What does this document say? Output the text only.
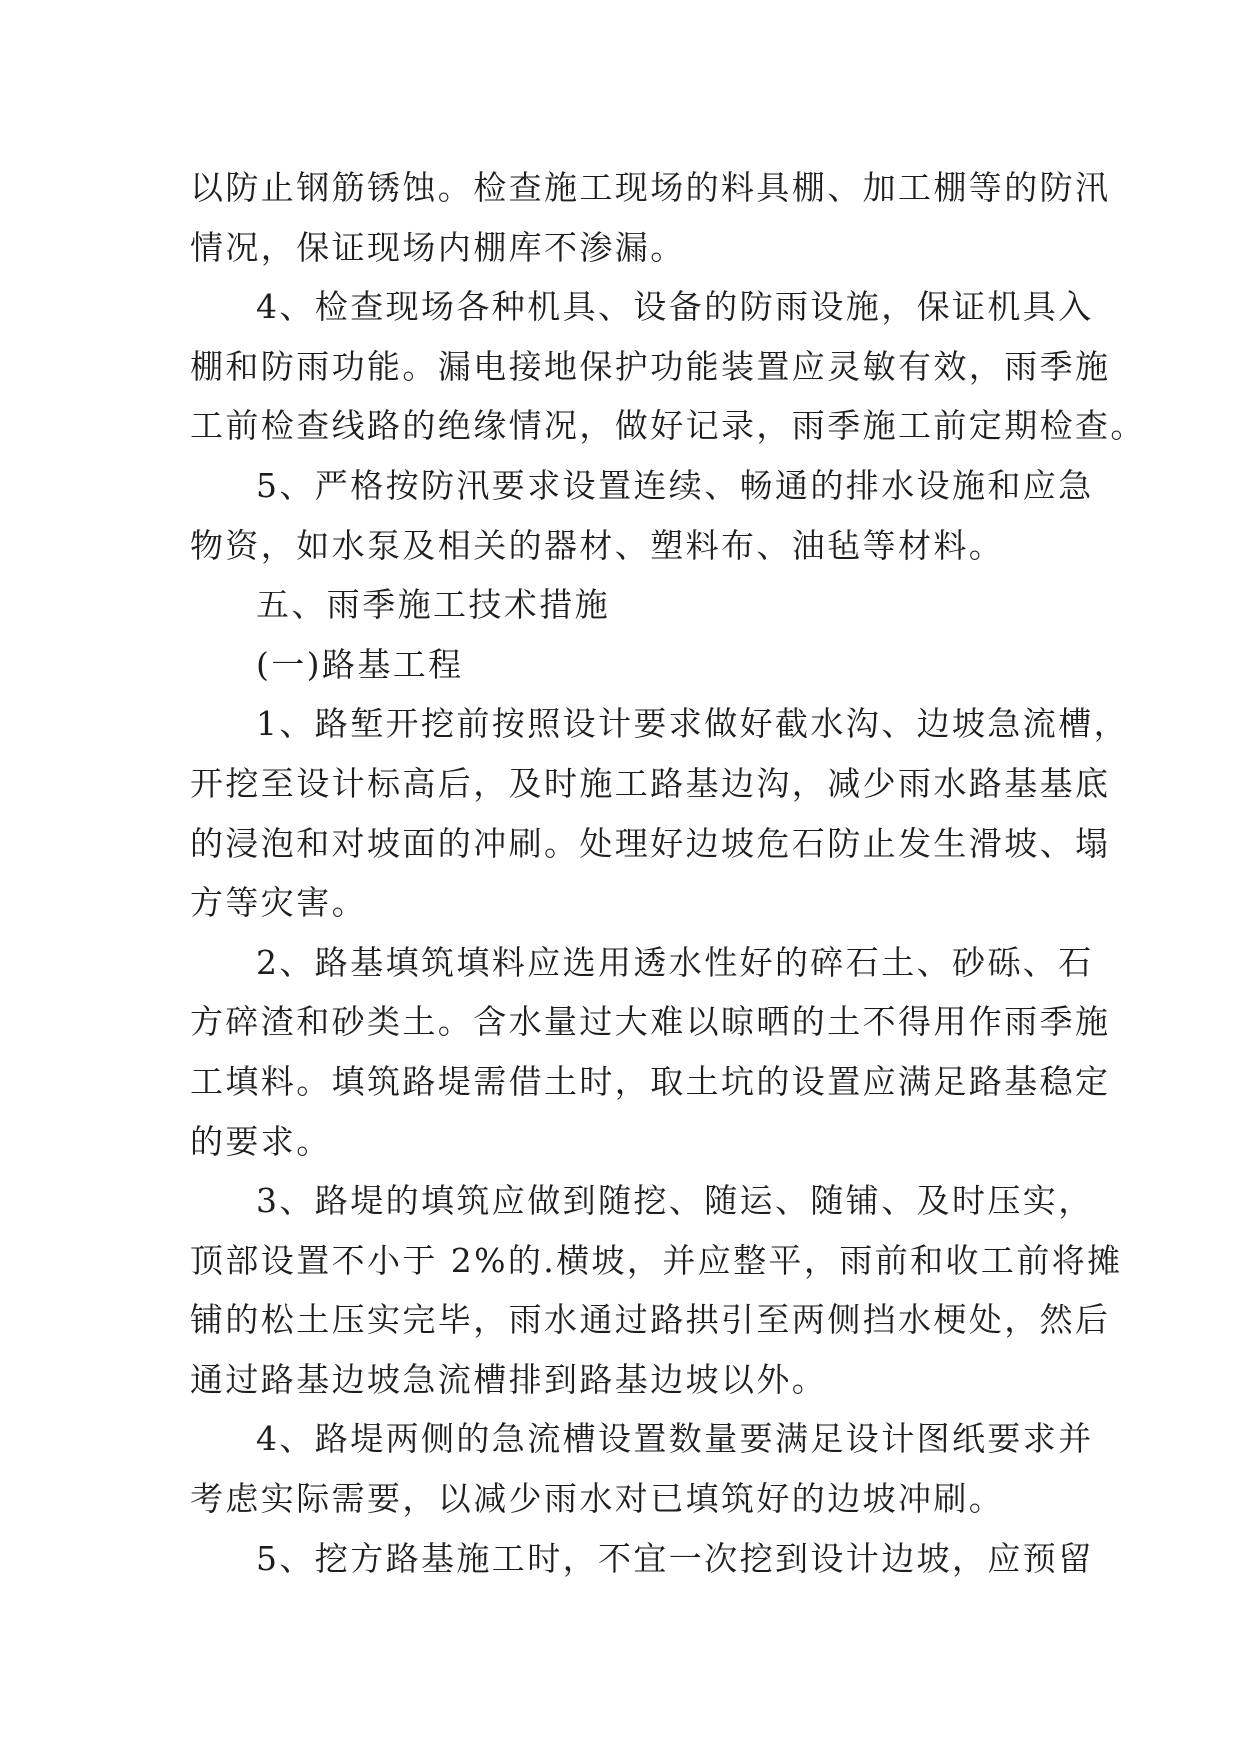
以防止钢筋锈蚀。检查施工现场的料具棚、加工棚等的防汛
情况，保证现场内棚库不渗漏。
4、检查现场各种机具、设备的防雨设施，保证机具入
棚和防雨功能。漏电接地保护功能装置应灵敏有效，雨季施
工前检查线路的绝缘情况，做好记录，雨季施工前定期检查。
5、严格按防汛要求设置连续、畅通的排水设施和应急
物资，如水泵及相关的器材、塑料布、油毡等材料。
五、雨季施工技术措施
(一)路基工程
1、路堑开挖前按照设计要求做好截水沟、边坡急流槽，
开挖至设计标高后，及时施工路基边沟，减少雨水路基基底
的浸泡和对坡面的冲刷。处理好边坡危石防止发生滑坡、塌
方等灾害。
2、路基填筑填料应选用透水性好的碎石土、砂砾、石
方碎渣和砂类土。含水量过大难以晾晒的土不得用作雨季施
工填料。填筑路堤需借土时，取土坑的设置应满足路基稳定
的要求。
3、路堤的填筑应做到随挖、随运、随铺、及时压实，
顶部设置不小于 2%的.横坡，并应整平，雨前和收工前将摊
铺的松土压实完毕，雨水通过路拱引至两侧挡水梗处，然后
通过路基边坡急流槽排到路基边坡以外。
4、路堤两侧的急流槽设置数量要满足设计图纸要求并
考虑实际需要，以减少雨水对已填筑好的边坡冲刷。
5、挖方路基施工时，不宜一次挖到设计边坡，应预留
